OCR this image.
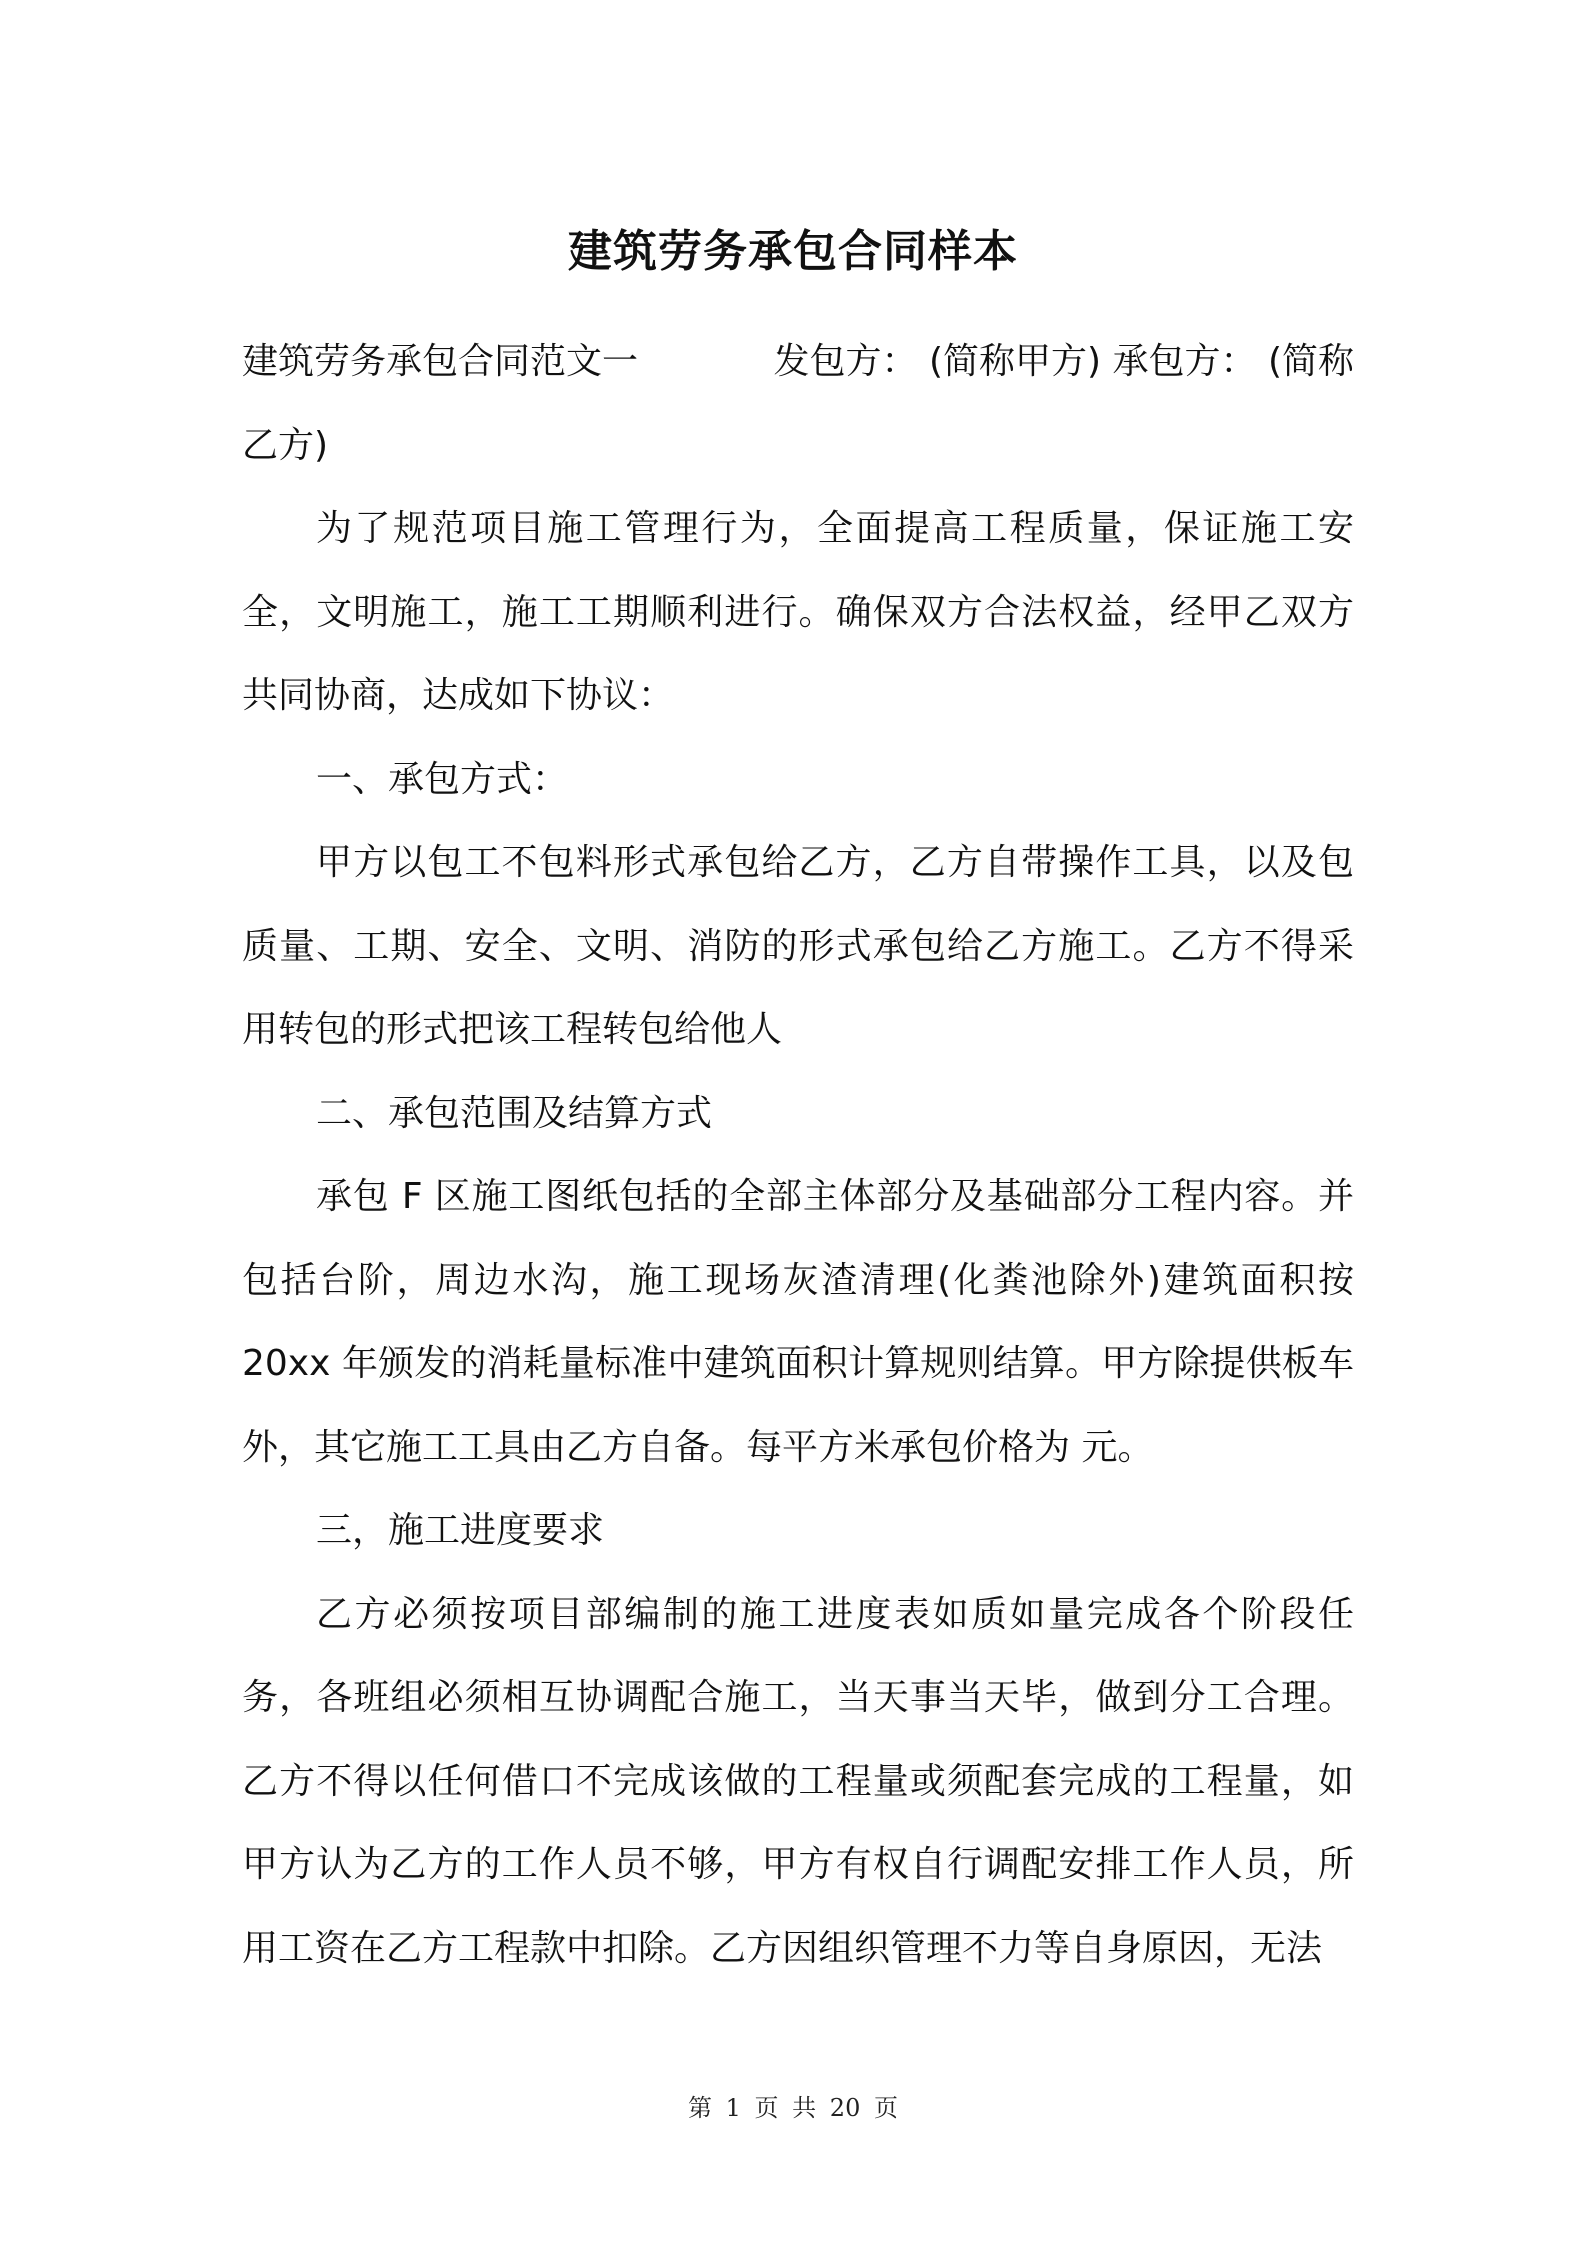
建筑劳务承包合同样本
建筑劳务承包合同范文一	发包方： (简称甲方) 承包方： (简称

乙方)

为了规范项目施工管理行为，全面提高工程质量，保证施工安全，文明施工，施工工期顺利进行。确保双方合法权益，经甲乙双方共同协商，达成如下协议：

一、承包方式：

甲方以包工不包料形式承包给乙方，乙方自带操作工具，以及包质量、工期、安全、文明、消防的形式承包给乙方施工。乙方不得采用转包的形式把该工程转包给他人

二、承包范围及结算方式

承包 F 区施工图纸包括的全部主体部分及基础部分工程内容。并包括台阶，周边水沟，施工现场灰渣清理(化粪池除外)建筑面积按 20xx 年颁发的消耗量标准中建筑面积计算规则结算。甲方除提供板车外，其它施工工具由乙方自备。每平方米承包价格为 元。

三，施工进度要求

乙方必须按项目部编制的施工进度表如质如量完成各个阶段任务，各班组必须相互协调配合施工，当天事当天毕，做到分工合理。乙方不得以任何借口不完成该做的工程量或须配套完成的工程量，如甲方认为乙方的工作人员不够，甲方有权自行调配安排工作人员，所用工资在乙方工程款中扣除。乙方因组织管理不力等自身原因，无法

第 1 页 共 20 页
